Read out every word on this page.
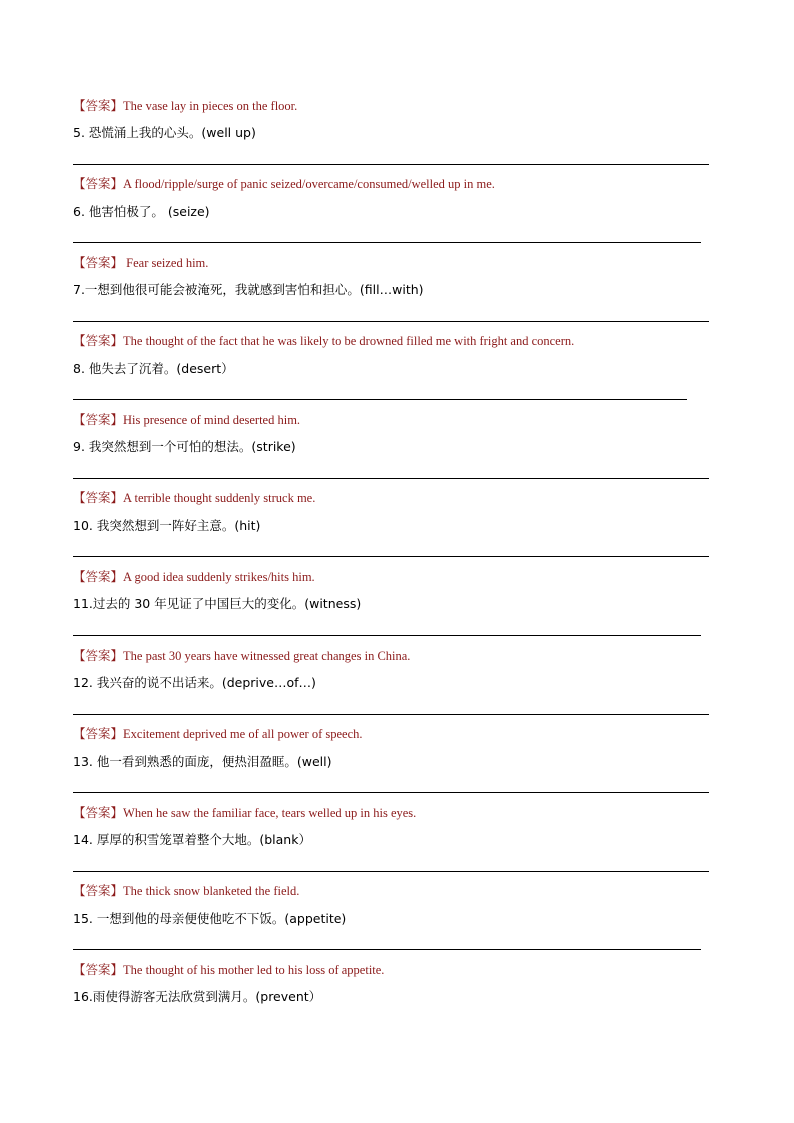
【答案】The vase lay in pieces on the floor.
5. 恐慌涌上我的心头。(well up)
【答案】A flood/ripple/surge of panic seized/overcame/consumed/welled up in me.
6. 他害怕极了。 (seize)
【答案】 Fear seized him.
7.一想到他很可能会被淹死，我就感到害怕和担心。(fill…with)
【答案】The thought of the fact that he was likely to be drowned filled me with fright and concern.
8. 他失去了沉着。(desert）
【答案】His presence of mind deserted him.
9. 我突然想到一个可怕的想法。(strike)
【答案】A terrible thought suddenly struck me.
10. 我突然想到一阵好主意。(hit)
【答案】A good idea suddenly strikes/hits him.
11.过去的 30 年见证了中国巨大的变化。(witness)
【答案】The past 30 years have witnessed great changes in China.
12. 我兴奋的说不出话来。(deprive…of…)
【答案】Excitement deprived me of all power of speech.
13. 他一看到熟悉的面庞，便热泪盈眶。(well)
【答案】When he saw the familiar face, tears welled up in his eyes.
14. 厚厚的积雪笼罩着整个大地。(blank）
【答案】The thick snow blanketed the field.
15. 一想到他的母亲便使他吃不下饭。(appetite)
【答案】The thought of his mother led to his loss of appetite.
16.雨使得游客无法欣赏到满月。(prevent）
